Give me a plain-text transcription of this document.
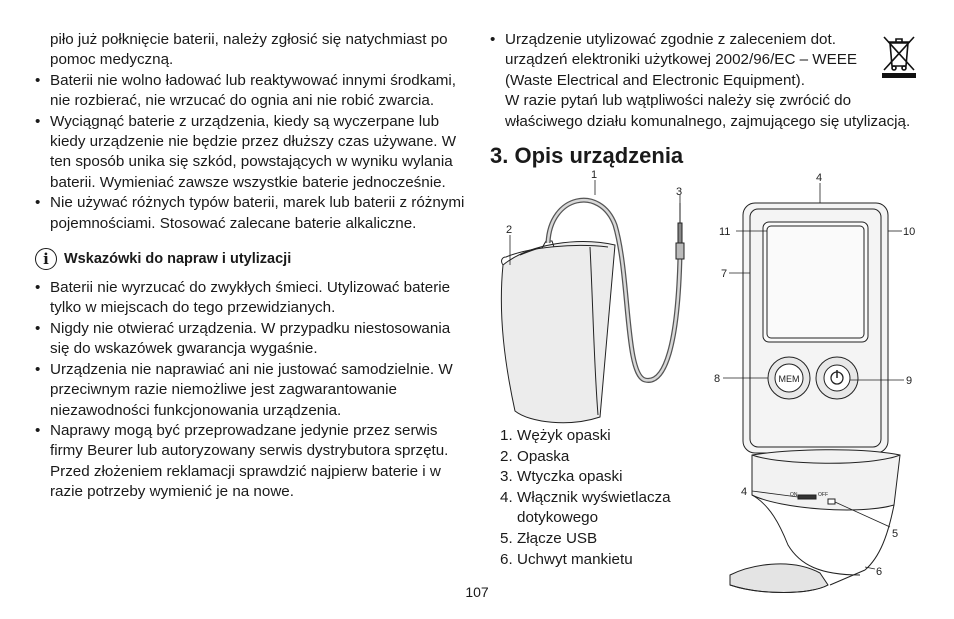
piło już połknięcie baterii, należy zgłosić się natychmiast po pomoc medyczną.

• Baterii nie wolno ładować lub reaktywować innymi środkami, nie rozbierać, nie wrzucać do ognia ani nie robić zwarcia.
• Wyciągnąć baterie z urządzenia, kiedy są wyczerpane lub kiedy urządzenie nie będzie przez dłuższy czas używane. W ten sposób unika się szkód, powstających w wyniku wylania baterii. Wymieniać zawsze wszystkie baterie jednocześnie.
• Nie używać różnych typów baterii, marek lub baterii z różnymi pojemnościami. Stosować zalecane baterie alkaliczne.
i	Wskazówki do napraw i utylizacji
• Baterii nie wyrzucać do zwykłych śmieci. Utylizować baterie tylko w miejscach do tego przewidzianych.
• Nigdy nie otwierać urządzenia. W przypadku niestosowania się do wskazówek gwarancja wygaśnie.
• Urządzenia nie naprawiać ani nie justować samodzielnie. W przeciwnym razie niemożliwe jest zagwarantowanie niezawodności funkcjonowania urządzenia.
• Naprawy mogą być przeprowadzane jedynie przez serwis firmy Beurer lub autoryzowany serwis dystrybutora sprzętu. Przed złożeniem reklamacji sprawdzić najpierw baterie i w razie potrzeby wymienić je na nowe.
• Urządzenie utylizować zgodnie z zaleceniem dot. urządzeń elektroniki użytkowej 2002/96/EC – WEEE (Waste Electrical and Electronic Equipment).

W razie pytań lub wątpliwości należy się zwrócić do właściwego działu komunalnego, zajmującego się utylizacją.

3. Opis urządzenia
MEM
ON	OFF
1
3
2
4
10
11
7
8	9
4
5
6
1. Wężyk opaski
2. Opaska
3. Wtyczka opaski
4. Włącznik wyświetlacza
dotykowego
5. Złącze USB
6. Uchwyt mankietu
107
